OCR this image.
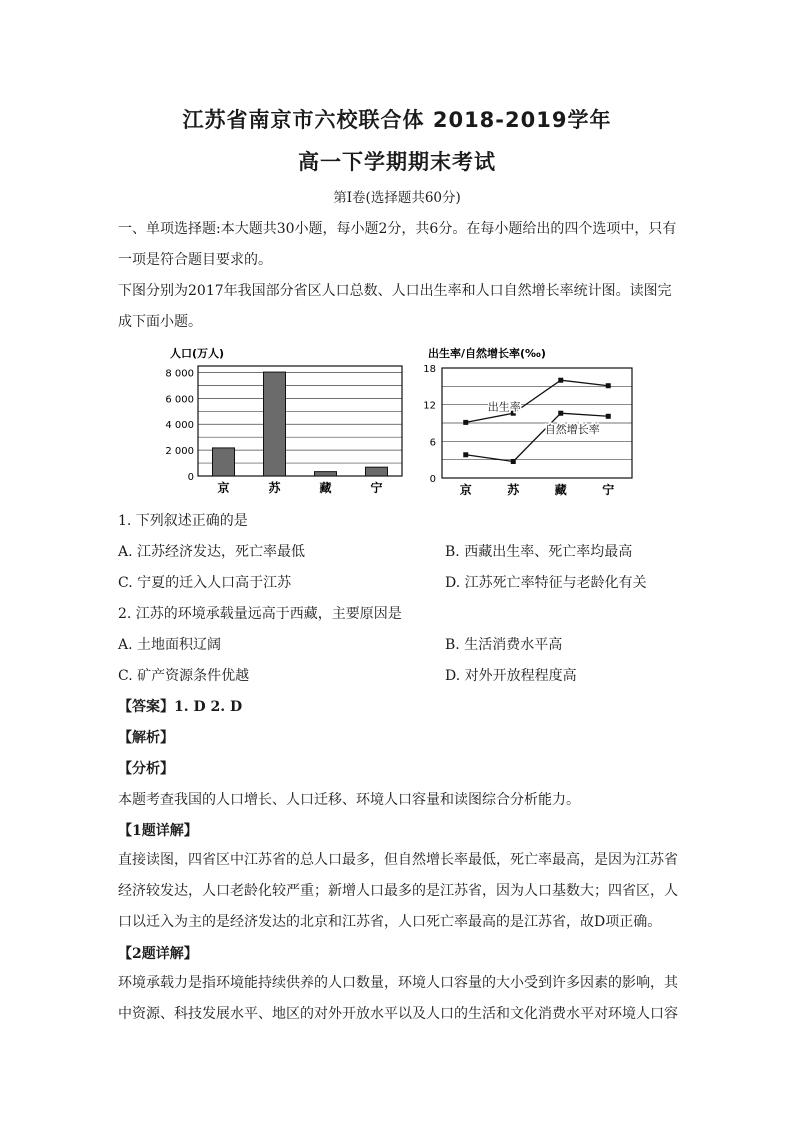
江苏省南京市六校联合体 2018-2019学年
高一下学期期末考试
第I卷(选择题共60分)
一、单项选择题:本大题共30小题，每小题2分，共6分。在每小题给出的四个选项中，只有一项是符合题目要求的。
下图分别为2017年我国部分省区人口总数、人口出生率和人口自然增长率统计图。读图完成下面小题。
人口(万人)
2 000
4 000
6 000
8 000
0
京	苏	藏	宁
出生率/自然增长率(‰)
0
6
12
18
京	苏	藏	宁
出生率
自然增长率
1. 下列叙述正确的是
A. 江苏经济发达，死亡率最低	B. 西藏出生率、死亡率均最高
C. 宁夏的迁入人口高于江苏	D. 江苏死亡率特征与老龄化有关
2. 江苏的环境承载量远高于西藏，主要原因是
A. 土地面积辽阔	B. 生活消费水平高
C. 矿产资源条件优越	D. 对外开放程程度高
【答案】1. D 2. D
【解析】
【分析】
本题考查我国的人口增长、人口迁移、环境人口容量和读图综合分析能力。
【1题详解】
直接读图，四省区中江苏省的总人口最多，但自然增长率最低，死亡率最高，是因为江苏省经济较发达，人口老龄化较严重；新增人口最多的是江苏省，因为人口基数大；四省区，人口以迁入为主的是经济发达的北京和江苏省，人口死亡率最高的是江苏省，故D项正确。
【2题详解】
环境承载力是指环境能持续供养的人口数量，环境人口容量的大小受到许多因素的影响，其中资源、科技发展水平、地区的对外开放水平以及人口的生活和文化消费水平对环境人口容
